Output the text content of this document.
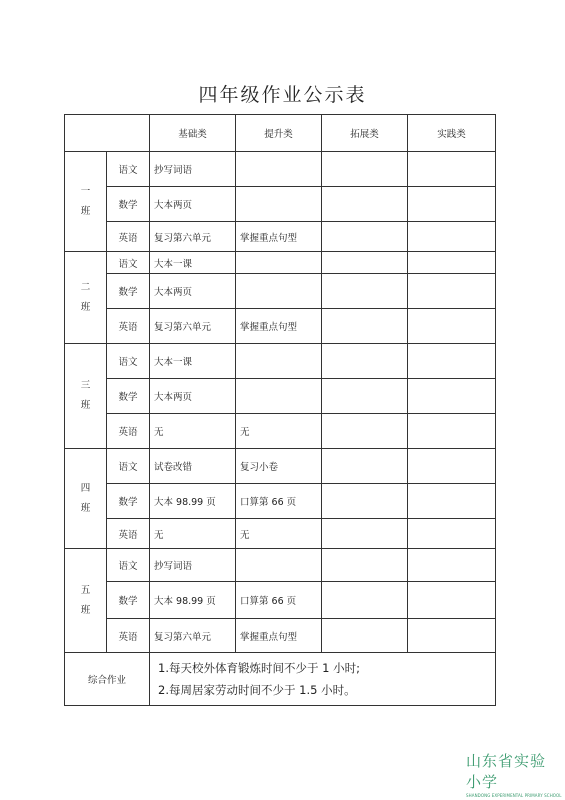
四年级作业公示表
		基础类	提升类	拓展类	实践类
一
班	语文	抄写词语			
	数学	大本两页			
	英语	复习第六单元	掌握重点句型		
二
班	语文	大本一课			
	数学	大本两页			
	英语	复习第六单元	掌握重点句型		
三
班	语文	大本一课			
	数学	大本两页			
	英语	无	无		
四
班	语文	试卷改错	复习小卷		
	数学	大本 98.99 页	口算第 66 页		
	英语	无	无		
五
班	语文	抄写词语			
	数学	大本 98.99 页	口算第 66 页		
	英语	复习第六单元	掌握重点句型		
综合作业		1.每天校外体育锻炼时间不少于 1 小时;
2.每周居家劳动时间不少于 1.5 小时。			
山东省实验小学
SHANDONG EXPERIMENTAL PRIMARY SCHOOL
